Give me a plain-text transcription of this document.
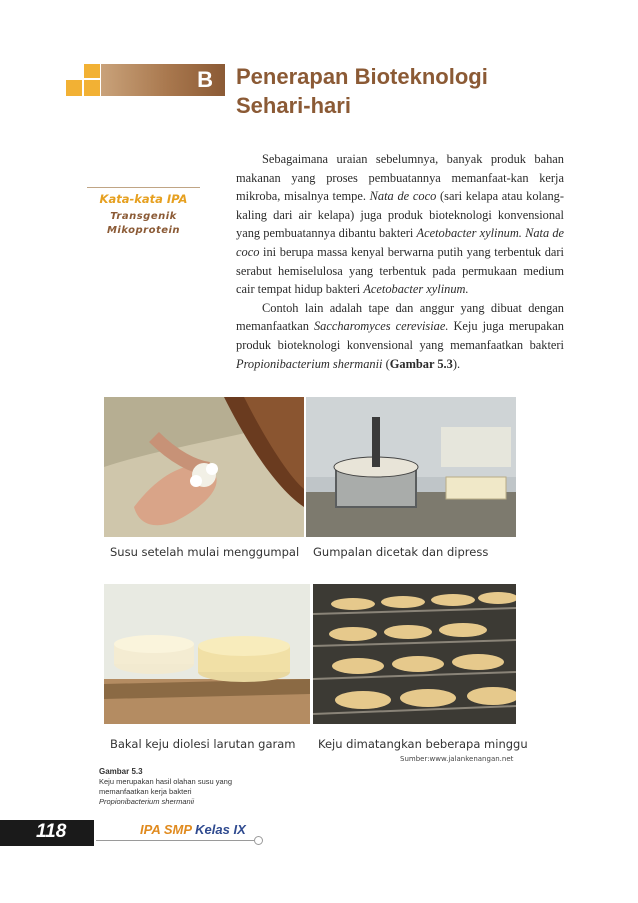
B Penerapan Bioteknologi
Sehari-hari
Kata-kata IPA
Transgenik
Mikoprotein

Sebagaimana uraian sebelumnya, banyak produk bahan makanan yang proses pembuatannya memanfaat-kan kerja mikroba, misalnya tempe. Nata de coco (sari kelapa atau kolang-kaling dari air kelapa) juga produk bioteknologi konvensional yang pembuatannya dibantu bakteri Acetobacter xylinum. Nata de coco ini berupa massa kenyal berwarna putih yang terbentuk dari serabut hemiselulosa yang terbentuk pada permukaan medium cair tempat hidup bakteri Acetobacter xylinum.

Contoh lain adalah tape dan anggur yang dibuat dengan memanfaatkan Saccharomyces cerevisiae. Keju juga merupakan produk bioteknologi konvensional yang memanfaatkan bakteri Propionibacterium shermanii (Gambar 5.3).

Susu setelah mulai menggumpal Gumpalan dicetak dan dipress
Bakal keju diolesi larutan garam Keju dimatangkan beberapa minggu
Sumber:www.jalankenangan.net
Gambar 5.3
Keju merupakan hasil olahan susu yang
memanfaatkan kerja bakteri
Propionibacterium shermanii
118	IPA SMP Kelas IX
